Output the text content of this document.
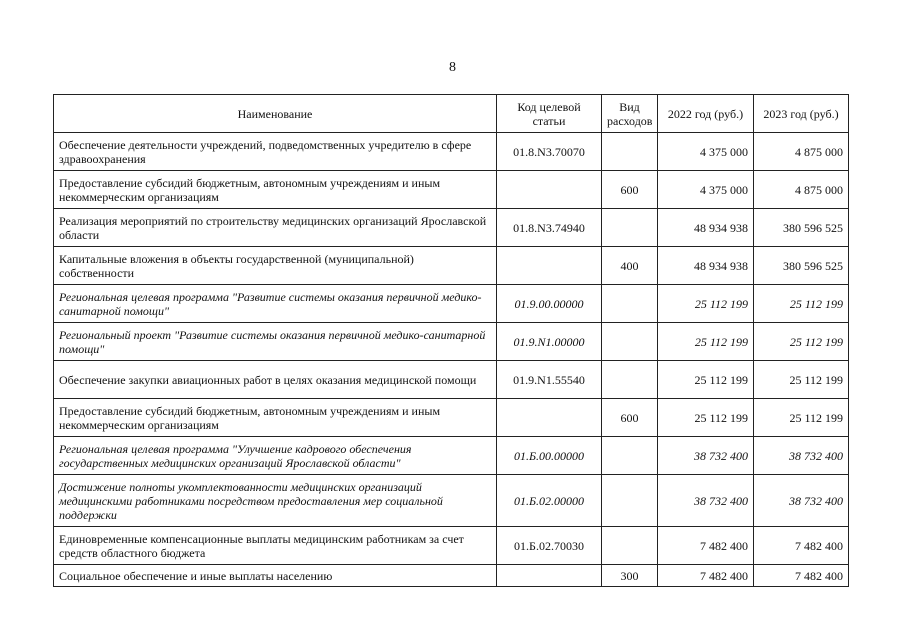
8
Наименование	Код целевой статьи	Вид расходов	2022 год (руб.)	2023 год (руб.)
Обеспечение деятельности учреждений, подведомственных учредителю в сфере здравоохранения	01.8.N3.70070		4 375 000	4 875 000
Предоставление субсидий бюджетным, автономным учреждениям и иным некоммерческим организациям		600	4 375 000	4 875 000
Реализация мероприятий по строительству медицинских организаций Ярославской области	01.8.N3.74940		48 934 938	380 596 525
Капитальные вложения в объекты государственной (муниципальной) собственности		400	48 934 938	380 596 525
Региональная целевая программа "Развитие системы оказания первичной медико-санитарной помощи"	01.9.00.00000		25 112 199	25 112 199
Региональный проект "Развитие системы оказания первичной медико-санитарной помощи"	01.9.N1.00000		25 112 199	25 112 199
Обеспечение закупки авиационных работ в целях оказания медицинской помощи	01.9.N1.55540		25 112 199	25 112 199
Предоставление субсидий бюджетным, автономным учреждениям и иным некоммерческим организациям		600	25 112 199	25 112 199
Региональная целевая программа "Улучшение кадрового обеспечения государственных медицинских организаций Ярославской области"	01.Б.00.00000		38 732 400	38 732 400
Достижение полноты укомплектованности медицинских организаций медицинскими работниками посредством предоставления мер социальной поддержки	01.Б.02.00000		38 732 400	38 732 400
Единовременные компенсационные выплаты медицинским работникам за счет средств областного бюджета	01.Б.02.70030		7 482 400	7 482 400
Социальное обеспечение и иные выплаты населению		300	7 482 400	7 482 400
